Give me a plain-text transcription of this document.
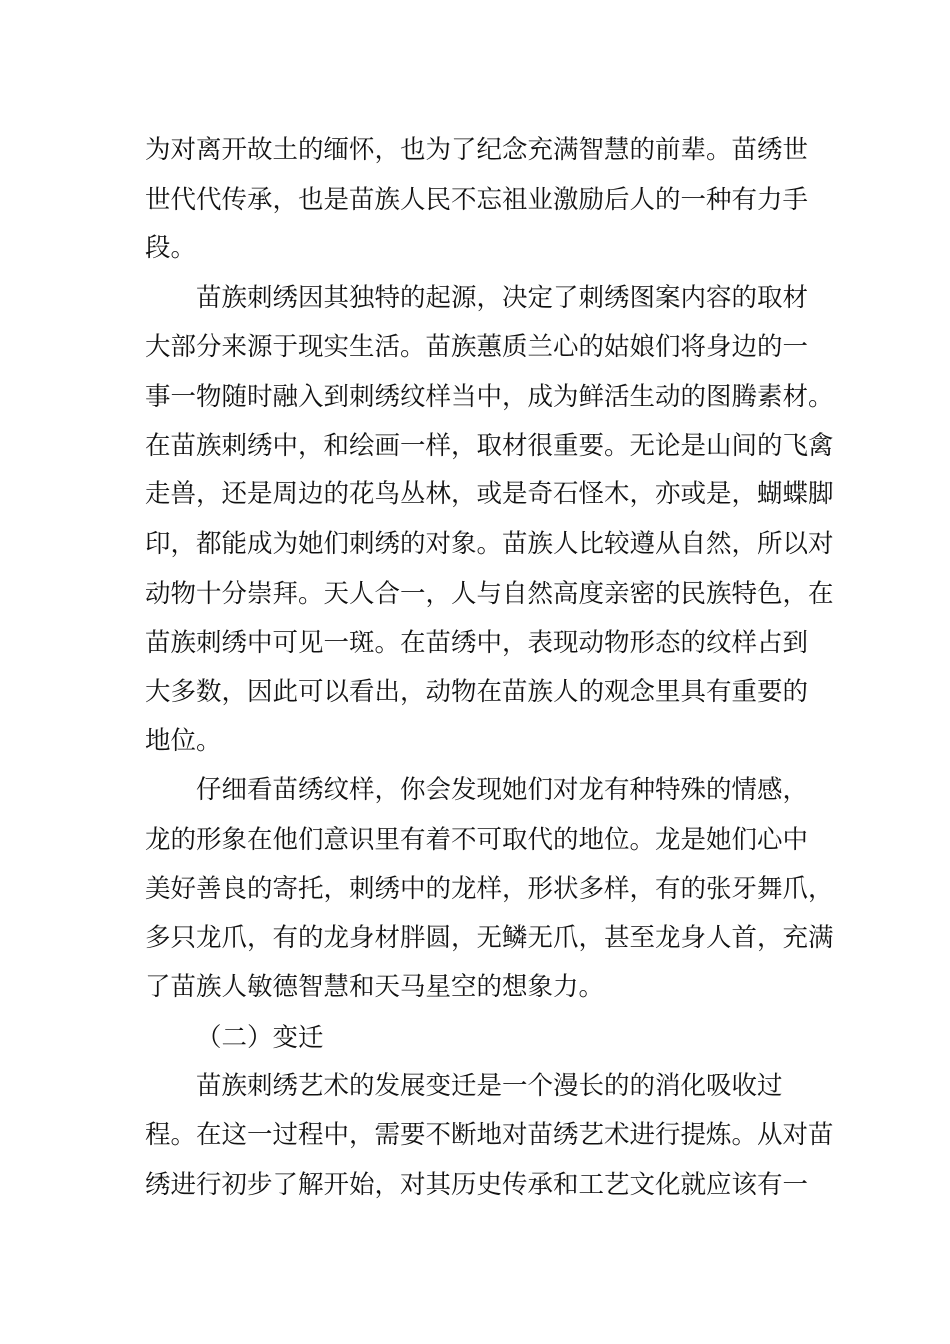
为对离开故土的缅怀，也为了纪念充满智慧的前辈。苗绣世
世代代传承，也是苗族人民不忘祖业激励后人的一种有力手
段。
苗族刺绣因其独特的起源，决定了刺绣图案内容的取材
大部分来源于现实生活。苗族蕙质兰心的姑娘们将身边的一
事一物随时融入到刺绣纹样当中，成为鲜活生动的图腾素材。
在苗族刺绣中，和绘画一样，取材很重要。无论是山间的飞禽
走兽，还是周边的花鸟丛林，或是奇石怪木，亦或是，蝴蝶脚
印，都能成为她们刺绣的对象。苗族人比较遵从自然，所以对
动物十分崇拜。天人合一，人与自然高度亲密的民族特色，在
苗族刺绣中可见一斑。在苗绣中，表现动物形态的纹样占到
大多数，因此可以看出，动物在苗族人的观念里具有重要的
地位。
仔细看苗绣纹样，你会发现她们对龙有种特殊的情感，
龙的形象在他们意识里有着不可取代的地位。龙是她们心中
美好善良的寄托，刺绣中的龙样，形状多样，有的张牙舞爪，
多只龙爪，有的龙身材胖圆，无鳞无爪，甚至龙身人首，充满
了苗族人敏德智慧和天马星空的想象力。
（二）变迁
苗族刺绣艺术的发展变迁是一个漫长的的消化吸收过
程。在这一过程中，需要不断地对苗绣艺术进行提炼。从对苗
绣进行初步了解开始，对其历史传承和工艺文化就应该有一
